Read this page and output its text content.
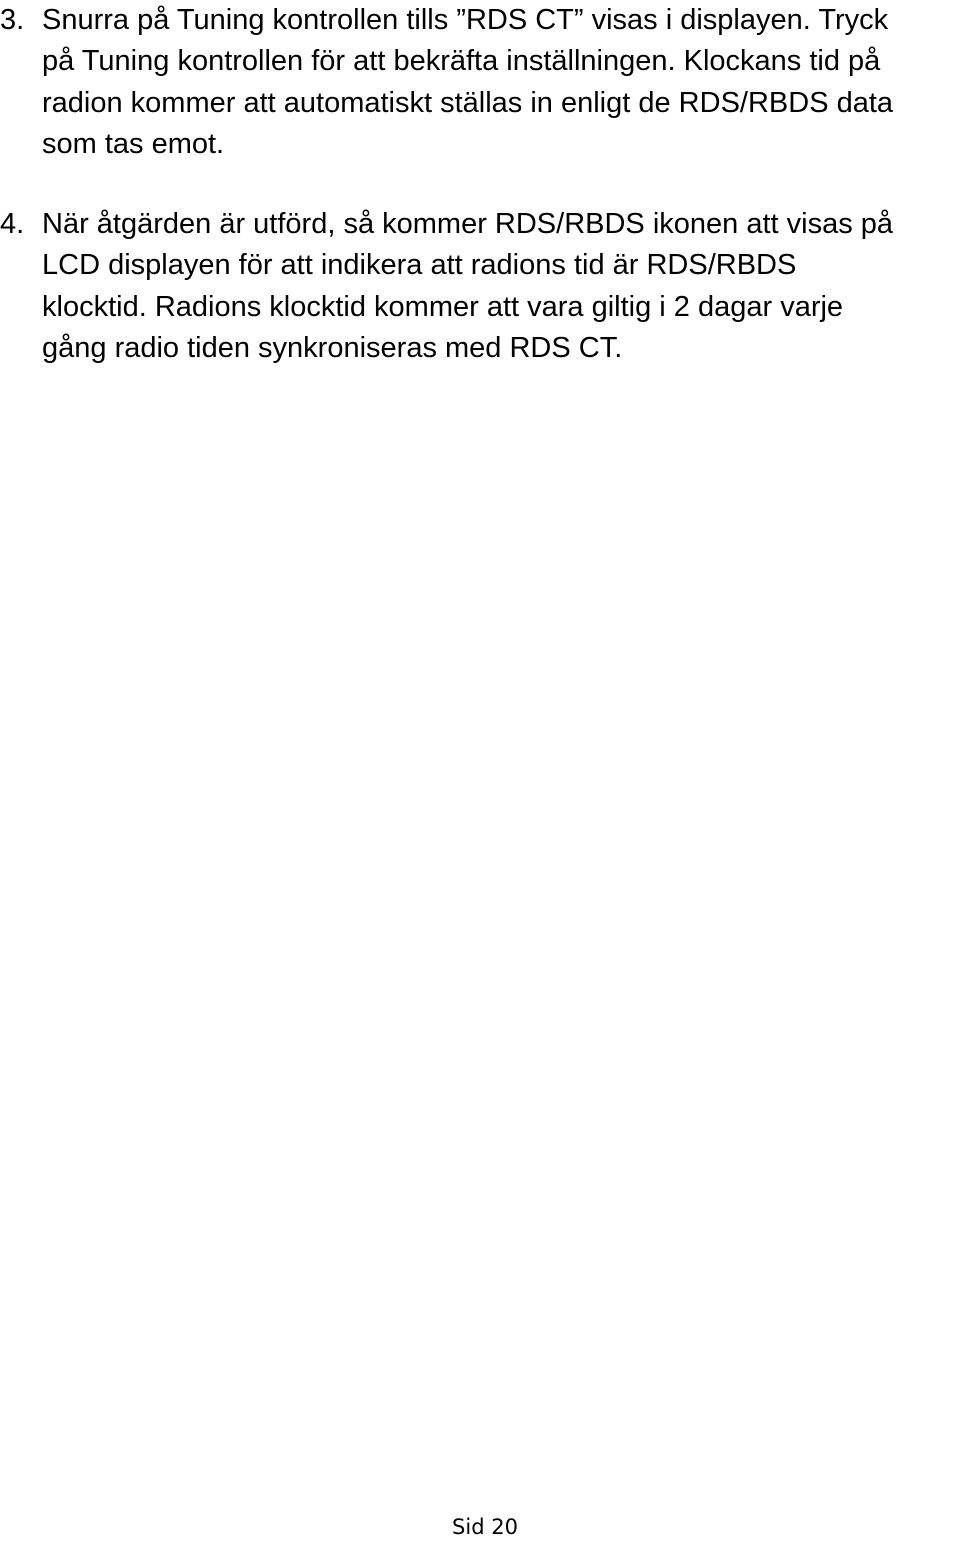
3. Snurra på Tuning kontrollen tills ”RDS CT” visas i displayen. Tryck
på Tuning kontrollen för att bekräfta inställningen. Klockans tid på
radion kommer att automatiskt ställas in enligt de RDS/RBDS data
som tas emot.
4. När åtgärden är utförd, så kommer RDS/RBDS ikonen att visas på
LCD displayen för att indikera att radions tid är RDS/RBDS
klocktid. Radions klocktid kommer att vara giltig i 2 dagar varje
gång radio tiden synkroniseras med RDS CT.
Sid 20
